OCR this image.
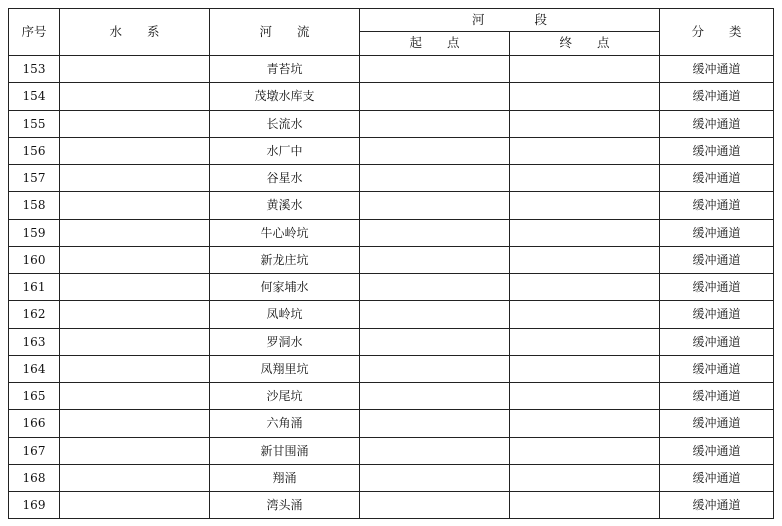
序号	水　　系	河　　流	河　　　　段		分　　类
			起　　点	终　　点	
153		青苔坑			缓冲通道
154		茂墩水库支			缓冲通道
155		长流水			缓冲通道
156		水厂中			缓冲通道
157		谷星水			缓冲通道
158		黄溪水			缓冲通道
159		牛心岭坑			缓冲通道
160		新龙庄坑			缓冲通道
161		何家埔水			缓冲通道
162		凤岭坑			缓冲通道
163		罗洞水			缓冲通道
164		凤翔里坑			缓冲通道
165		沙尾坑			缓冲通道
166		六角涌			缓冲通道
167		新甘围涌			缓冲通道
168		翔涌			缓冲通道
169		湾头涌			缓冲通道
